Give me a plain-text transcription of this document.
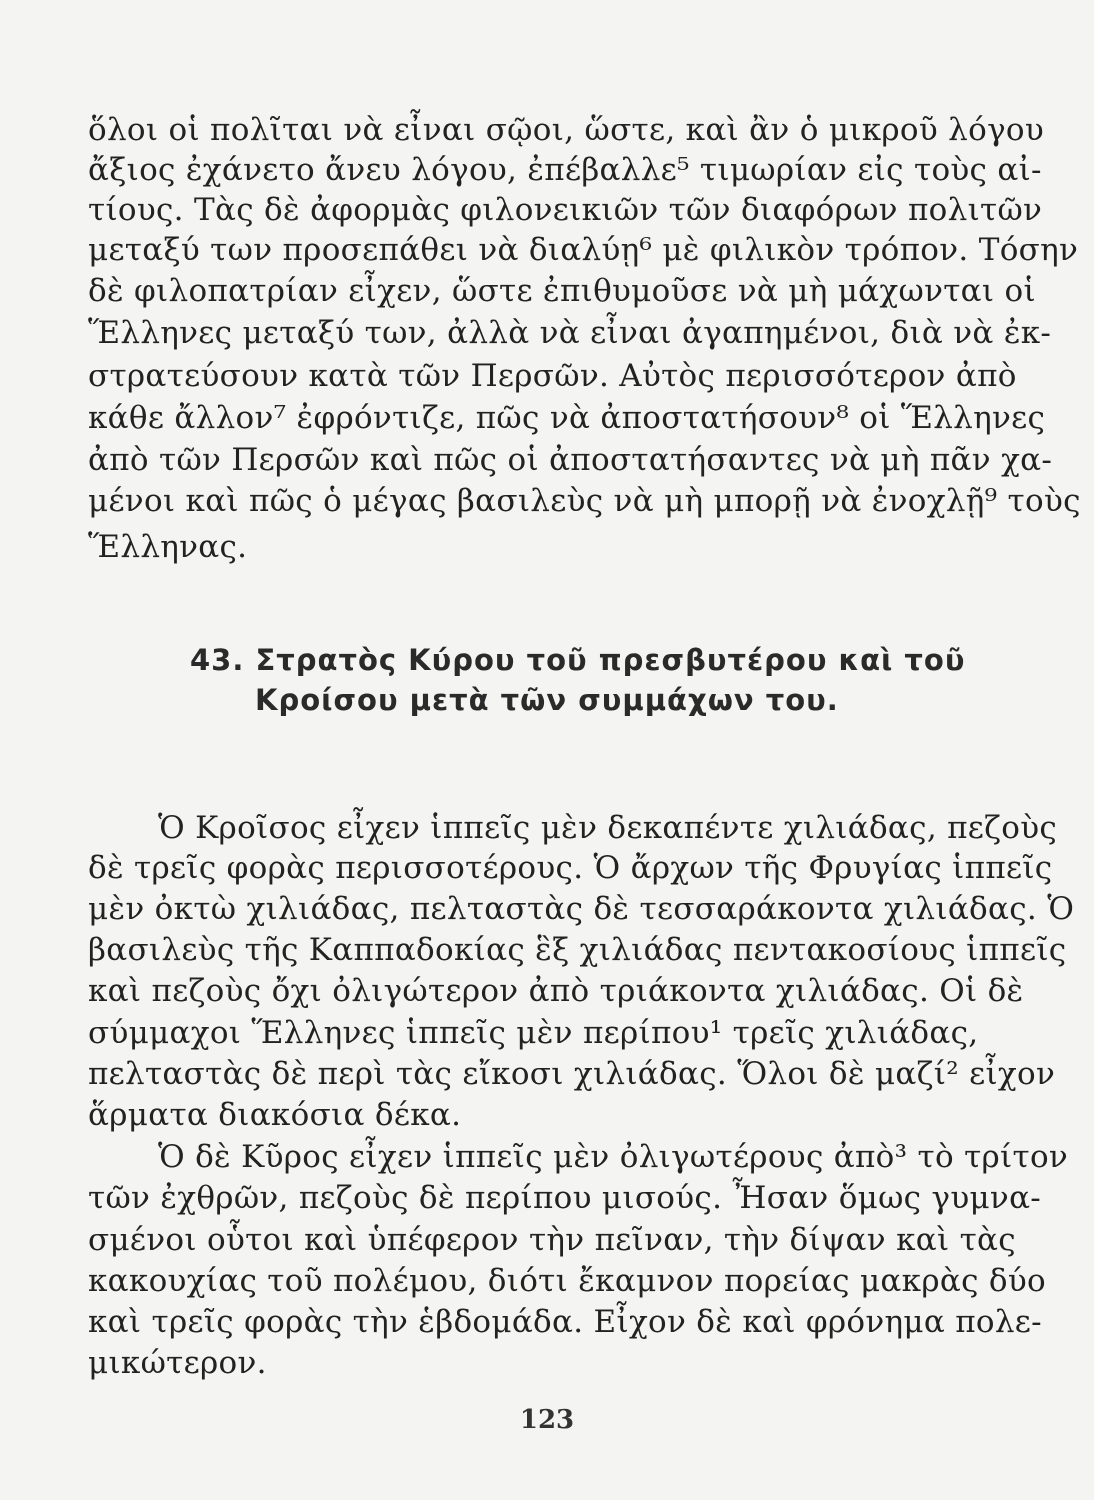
ὅλοι οἱ πολῖται νὰ εἶναι σῷοι, ὥστε, καὶ ἂν ὁ μικροῦ λόγου
ἄξιος ἐχάνετο ἄνευ λόγου, ἐπέβαλλε⁵ τιμωρίαν εἰς τοὺς αἰ-
τίους. Τὰς δὲ ἀφορμὰς φιλονεικιῶν τῶν διαφόρων πολιτῶν
μεταξύ των προσεπάθει νὰ διαλύῃ⁶ μὲ φιλικὸν τρόπον. Τόσην
δὲ φιλοπατρίαν εἶχεν, ὥστε ἐπιθυμοῦσε νὰ μὴ μάχωνται οἱ
Ἕλληνες μεταξύ των, ἀλλὰ νὰ εἶναι ἀγαπημένοι, διὰ νὰ ἐκ-
στρατεύσουν κατὰ τῶν Περσῶν. Αὐτὸς περισσότερον ἀπὸ
κάθε ἄλλον⁷ ἐφρόντιζε, πῶς νὰ ἀποστατήσουν⁸ οἱ Ἕλληνες
ἀπὸ τῶν Περσῶν καὶ πῶς οἱ ἀποστατήσαντες νὰ μὴ πᾶν χα-
μένοι καὶ πῶς ὁ μέγας βασιλεὺς νὰ μὴ μπορῇ νὰ ἐνοχλῇ⁹ τοὺς
Ἕλληνας.
43. Στρατὸς Κύρου τοῦ πρεσβυτέρου καὶ τοῦ
Κροίσου μετὰ τῶν συμμάχων του.
Ὁ Κροῖσος εἶχεν ἱππεῖς μὲν δεκαπέντε χιλιάδας, πεζοὺς
δὲ τρεῖς φορὰς περισσοτέρους. Ὁ ἄρχων τῆς Φρυγίας ἱππεῖς
μὲν ὀκτὼ χιλιάδας, πελταστὰς δὲ τεσσαράκοντα χιλιάδας. Ὁ
βασιλεὺς τῆς Καππαδοκίας ἓξ χιλιάδας πεντακοσίους ἱππεῖς
καὶ πεζοὺς ὄχι ὀλιγώτερον ἀπὸ τριάκοντα χιλιάδας. Οἱ δὲ
σύμμαχοι Ἕλληνες ἱππεῖς μὲν περίπου¹ τρεῖς χιλιάδας,
πελταστὰς δὲ περὶ τὰς εἴκοσι χιλιάδας. Ὅλοι δὲ μαζί² εἶχον
ἅρματα διακόσια δέκα.
Ὁ δὲ Κῦρος εἶχεν ἱππεῖς μὲν ὀλιγωτέρους ἀπὸ³ τὸ τρίτον
τῶν ἐχθρῶν, πεζοὺς δὲ περίπου μισούς. Ἦσαν ὅμως γυμνα-
σμένοι οὗτοι καὶ ὑπέφερον τὴν πεῖναν, τὴν δίψαν καὶ τὰς
κακουχίας τοῦ πολέμου, διότι ἔκαμνον πορείας μακρὰς δύο
καὶ τρεῖς φορὰς τὴν ἑβδομάδα. Εἶχον δὲ καὶ φρόνημα πολε-
μικώτερον.
123
